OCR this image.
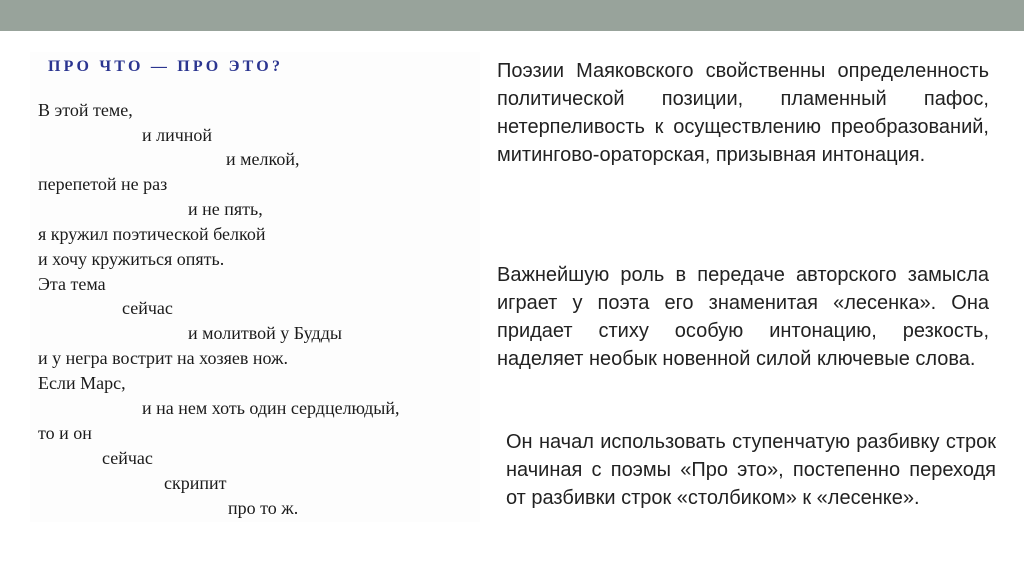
ПРО ЧТО — ПРО ЭТО?
В этой теме,
и личной
и мелкой,
перепетой не раз
и не пять,
я кружил поэтической белкой
и хочу кружиться опять.
Эта тема
сейчас
и молитвой у Будды
и у негра вострит на хозяев нож.
Если Марс,
и на нем хоть один сердцелюдый,
то и он
сейчас
скрипит
про то ж.
Поэзии Маяковского свойственны определенность политической позиции, пламенный пафос, нетерпеливость к осуществлению преобразований, митингово-ораторская, призывная интонация.
Важнейшую роль в передаче авторского замысла играет у поэта его знаменитая «лесенка». Она придает стиху особую интонацию, резкость, наделяет необык новенной силой ключевые слова.
Он начал использовать ступенчатую разбивку строк начиная с поэмы «Про это», постепенно переходя от разбивки строк «столбиком» к «лесенке».
